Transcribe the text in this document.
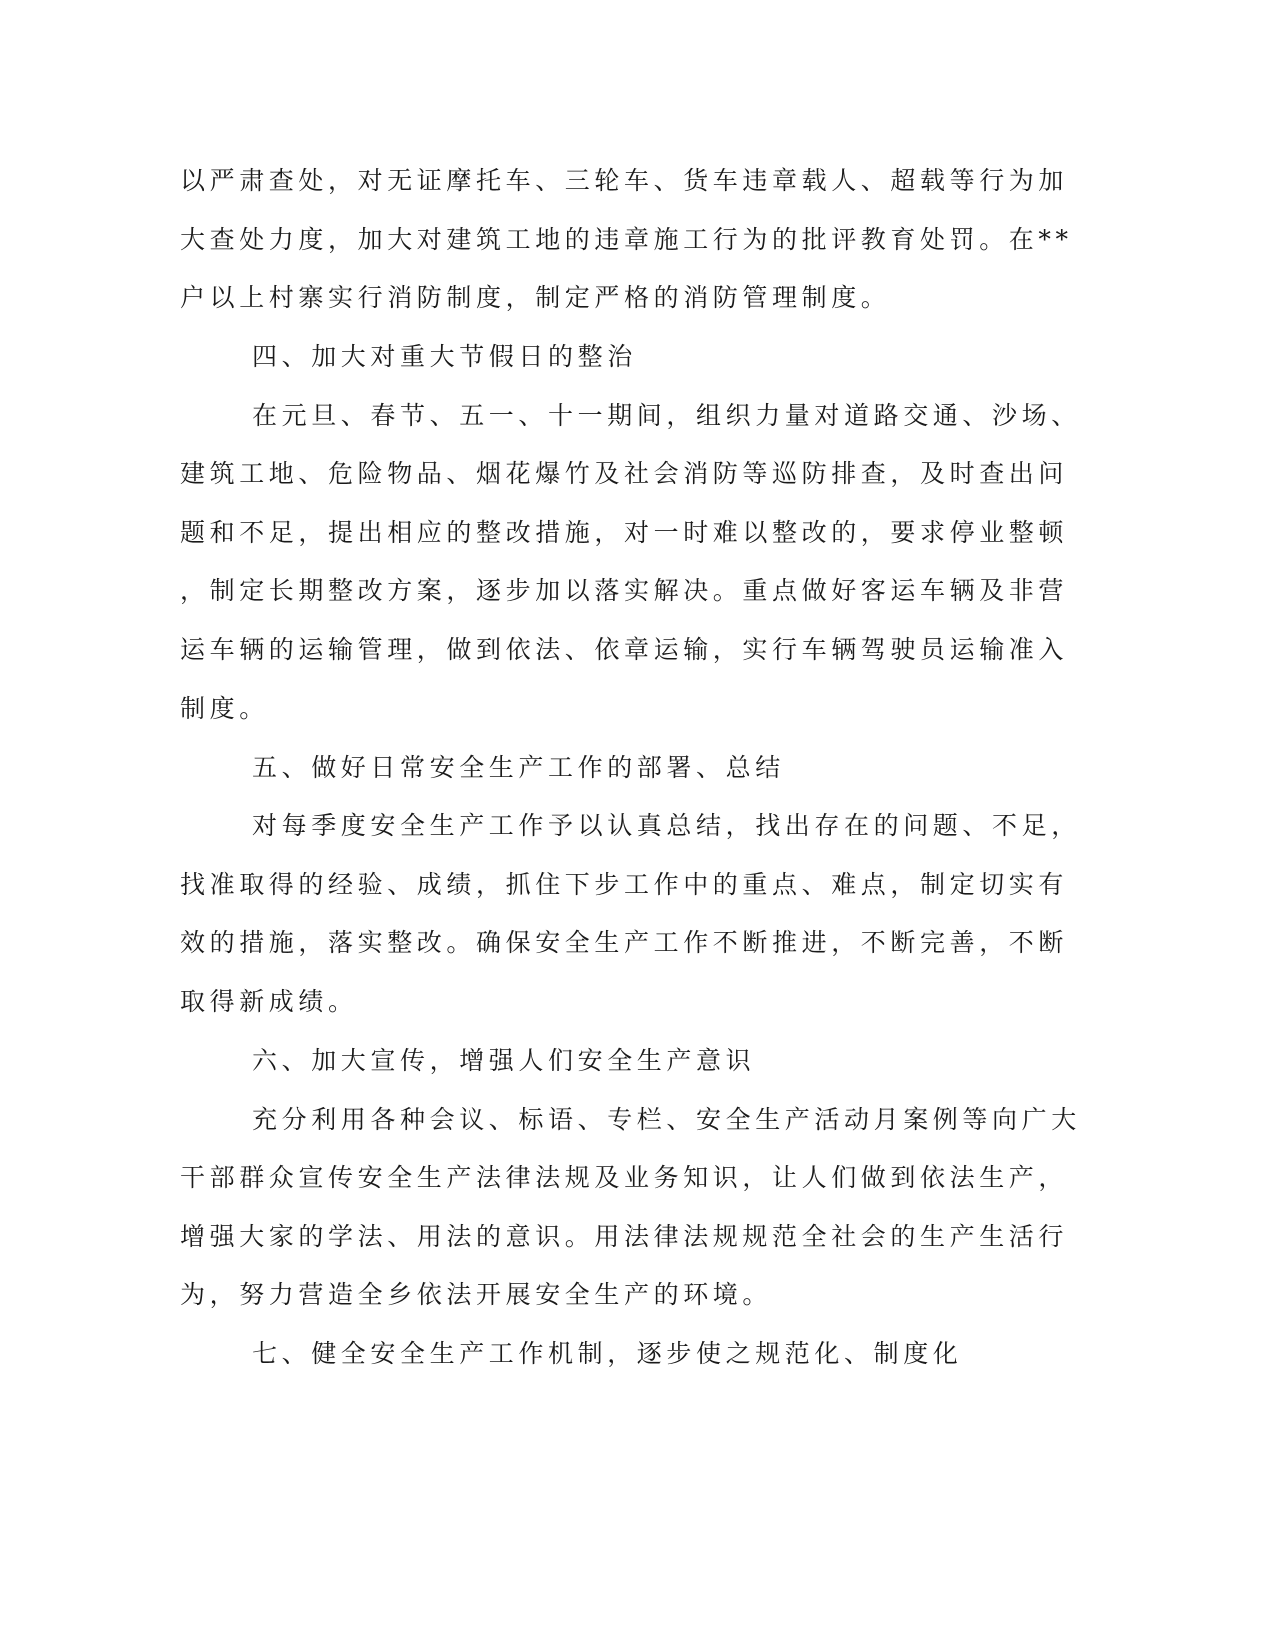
以严肃查处，对无证摩托车、三轮车、货车违章载人、超载等行为加
大查处力度，加大对建筑工地的违章施工行为的批评教育处罚。在**
户以上村寨实行消防制度，制定严格的消防管理制度。
四、加大对重大节假日的整治
在元旦、春节、五一、十一期间，组织力量对道路交通、沙场、
建筑工地、危险物品、烟花爆竹及社会消防等巡防排查，及时查出问
题和不足，提出相应的整改措施，对一时难以整改的，要求停业整顿
，制定长期整改方案，逐步加以落实解决。重点做好客运车辆及非营
运车辆的运输管理，做到依法、依章运输，实行车辆驾驶员运输准入
制度。
五、做好日常安全生产工作的部署、总结
对每季度安全生产工作予以认真总结，找出存在的问题、不足，
找准取得的经验、成绩，抓住下步工作中的重点、难点，制定切实有
效的措施，落实整改。确保安全生产工作不断推进，不断完善，不断
取得新成绩。
六、加大宣传，增强人们安全生产意识
充分利用各种会议、标语、专栏、安全生产活动月案例等向广大
干部群众宣传安全生产法律法规及业务知识，让人们做到依法生产，
增强大家的学法、用法的意识。用法律法规规范全社会的生产生活行
为，努力营造全乡依法开展安全生产的环境。
七、健全安全生产工作机制，逐步使之规范化、制度化
